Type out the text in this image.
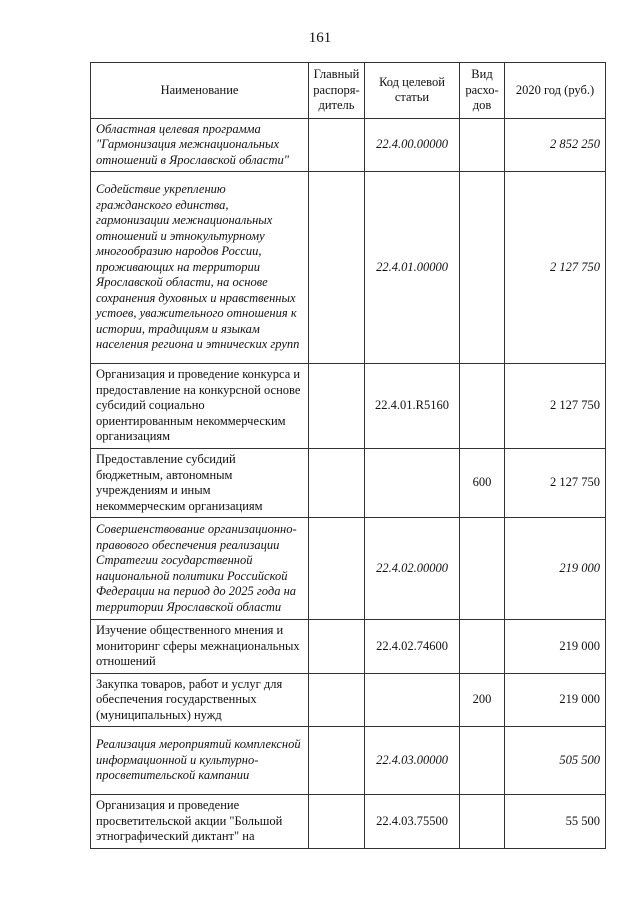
161
Наименование	Главный распоря-дитель	Код целевой статьи	Вид расхо-дов	2020 год (руб.)
Областная целевая программа "Гармонизация межнациональных отношений в Ярославской области"		22.4.00.00000		2 852 250
Содействие укреплению гражданского единства, гармонизации межнациональных отношений и этнокультурному многообразию народов России, проживающих на территории Ярославской области, на основе сохранения духовных и нравственных устоев, уважительного отношения к истории, традициям и языкам населения региона и этнических групп		22.4.01.00000		2 127 750
Организация и проведение конкурса и предоставление на конкурсной основе субсидий социально ориентированным некоммерческим организациям		22.4.01.R5160		2 127 750
Предоставление субсидий бюджетным, автономным учреждениям и иным некоммерческим организациям			600	2 127 750
Совершенствование организационно-правового обеспечения реализации Стратегии государственной национальной политики Российской Федерации на период до 2025 года на территории Ярославской области		22.4.02.00000		219 000
Изучение общественного мнения и мониторинг сферы межнациональных отношений		22.4.02.74600		219 000
Закупка товаров, работ и услуг для обеспечения государственных (муниципальных) нужд			200	219 000
Реализация мероприятий комплексной информационной и культурно-просветительской кампании		22.4.03.00000		505 500
Организация и проведение просветительской акции "Большой этнографический диктант" на		22.4.03.75500		55 500
